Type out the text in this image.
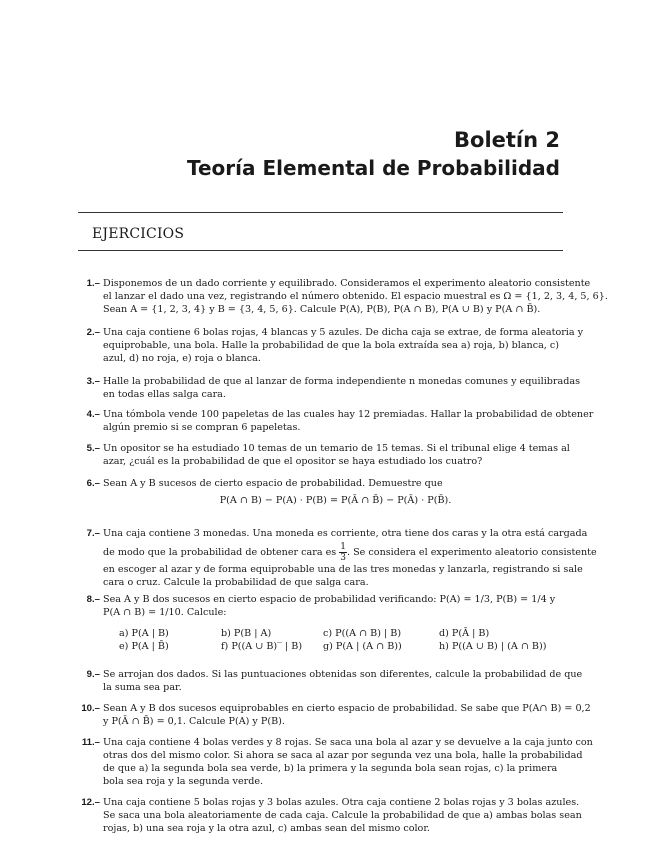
Boletín 2
Teoría Elemental de Probabilidad
EJERCICIOS
1.– Disponemos de un dado corriente y equilibrado. Consideramos el experimento aleatorio consistente
el lanzar el dado una vez, registrando el número obtenido. El espacio muestral es Ω = {1, 2, 3, 4, 5, 6}.
Sean A = {1, 2, 3, 4} y B = {3, 4, 5, 6}. Calcule P(A), P(B), P(A ∩ B), P(A ∪ B) y P(A ∩ B̄).
2.– Una caja contiene 6 bolas rojas, 4 blancas y 5 azules. De dicha caja se extrae, de forma aleatoria y
equiprobable, una bola. Halle la probabilidad de que la bola extraída sea a) roja, b) blanca, c)
azul, d) no roja, e) roja o blanca.
3.– Halle la probabilidad de que al lanzar de forma independiente n monedas comunes y equilibradas
en todas ellas salga cara.
4.– Una tómbola vende 100 papeletas de las cuales hay 12 premiadas. Hallar la probabilidad de obtener
algún premio si se compran 6 papeletas.
5.– Un opositor se ha estudiado 10 temas de un temario de 15 temas. Si el tribunal elige 4 temas al
azar, ¿cuál es la probabilidad de que el opositor se haya estudiado los cuatro?
6.– Sean A y B sucesos de cierto espacio de probabilidad. Demuestre que
P(A ∩ B) − P(A) · P(B) = P(Ā ∩ B̄) − P(Ā) · P(B̄).
7.– Una caja contiene 3 monedas. Una moneda es corriente, otra tiene dos caras y la otra está cargada
de modo que la probabilidad de obtener cara es $\frac{1}{3}$ . Se considera el experimento aleatorio consistente
en escoger al azar y de forma equiprobable una de las tres monedas y lanzarla, registrando si sale
cara o cruz. Calcule la probabilidad de que salga cara.
8.– Sea A y B dos sucesos en cierto espacio de probabilidad verificando: P(A) = 1/3, P(B) = 1/4 y
P(A ∩ B) = 1/10. Calcule:
a) P(A | B)	b) P(B | A)	c) P((A ∩ B) | B)	d) P(Ā | B)
e) P(A | B̄)	f) P((A ∪ B)‾ | B)	g) P(A | (A ∩ B))	h) P((A ∪ B) | (A ∩ B))
9.– Se arrojan dos dados. Si las puntuaciones obtenidas son diferentes, calcule la probabilidad de que
la suma sea par.
10.– Sean A y B dos sucesos equiprobables en cierto espacio de probabilidad. Se sabe que P(A∩ B) = 0,2
y P(Ā ∩ B̄) = 0,1. Calcule P(A) y P(B).
11.– Una caja contiene 4 bolas verdes y 8 rojas. Se saca una bola al azar y se devuelve a la caja junto con
otras dos del mismo color. Si ahora se saca al azar por segunda vez una bola, halle la probabilidad
de que a) la segunda bola sea verde, b) la primera y la segunda bola sean rojas, c) la primera
bola sea roja y la segunda verde.
12.– Una caja contiene 5 bolas rojas y 3 bolas azules. Otra caja contiene 2 bolas rojas y 3 bolas azules.
Se saca una bola aleatoriamente de cada caja. Calcule la probabilidad de que a) ambas bolas sean
rojas, b) una sea roja y la otra azul, c) ambas sean del mismo color.
